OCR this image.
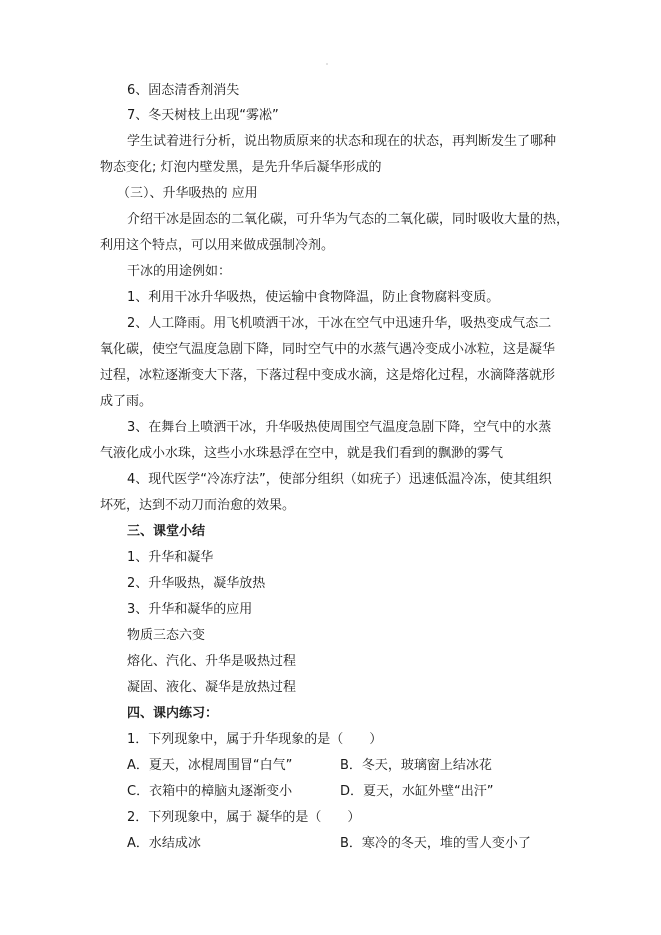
6、固态清香剂消失
7、冬天树枝上出现“雾凇”
学生试着进行分析，说出物质原来的状态和现在的状态，再判断发生了哪种
物态变化; 灯泡内壁发黑，是先升华后凝华形成的
（三）、升华吸热的 应用
介绍干冰是固态的二氧化碳，可升华为气态的二氧化碳，同时吸收大量的热，
利用这个特点，可以用来做成强制冷剂。
干冰的用途例如：
1、利用干冰升华吸热，使运输中食物降温，防止食物腐料变质。
2、人工降雨。用飞机喷洒干冰，干冰在空气中迅速升华，吸热变成气态二
氧化碳，使空气温度急剧下降，同时空气中的水蒸气遇冷变成小冰粒，这是凝华
过程，冰粒逐渐变大下落，下落过程中变成水滴，这是熔化过程，水滴降落就形
成了雨。
3、在舞台上喷洒干冰，升华吸热使周围空气温度急剧下降，空气中的水蒸
气液化成小水珠，这些小水珠悬浮在空中，就是我们看到的飘渺的雾气
4、现代医学“冷冻疗法”，使部分组织（如疣子）迅速低温冷冻，使其组织
坏死，达到不动刀而治愈的效果。
三、课堂小结
1、升华和凝华
2、升华吸热，凝华放热
3、升华和凝华的应用
物质三态六变
熔化、汽化、升华是吸热过程
凝固、液化、凝华是放热过程
四、课内练习：
1．下列现象中，属于升华现象的是（　　）
A．夏天，冰棍周围冒“白气”	B．冬天，玻璃窗上结冰花
C．衣箱中的樟脑丸逐渐变小	D．夏天，水缸外壁“出汗”
2．下列现象中，属于 凝华的是（　　）
A．水结成冰	B．寒冷的冬天，堆的雪人变小了
